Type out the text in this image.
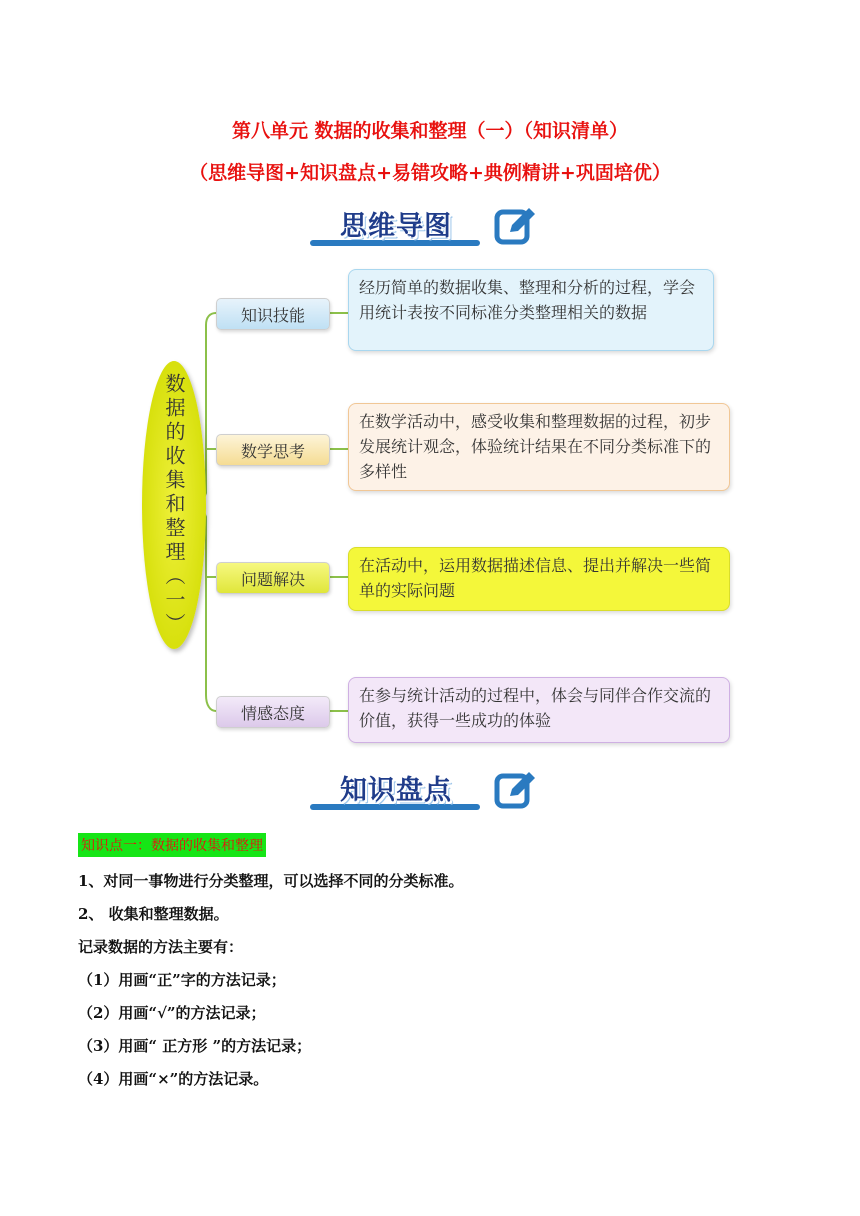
第八单元 数据的收集和整理（一）（知识清单）
（思维导图+知识盘点+易错攻略+典例精讲+巩固培优）
思维导图
数据的收集和整理（一）
知识技能
经历简单的数据收集、整理和分析的过程，学会用统计表按不同标准分类整理相关的数据
数学思考
在数学活动中，感受收集和整理数据的过程，初步发展统计观念，体验统计结果在不同分类标准下的多样性
问题解决
在活动中，运用数据描述信息、提出并解决一些简单的实际问题
情感态度
在参与统计活动的过程中，体会与同伴合作交流的价值，获得一些成功的体验
知识盘点
知识点一：数据的收集和整理
1、对同一事物进行分类整理，可以选择不同的分类标准。
2、 收集和整理数据。
记录数据的方法主要有：
（1）用画“正”字的方法记录；
（2）用画“√”的方法记录；
（3）用画“ 正方形 ”的方法记录；
（4）用画“×”的方法记录。
